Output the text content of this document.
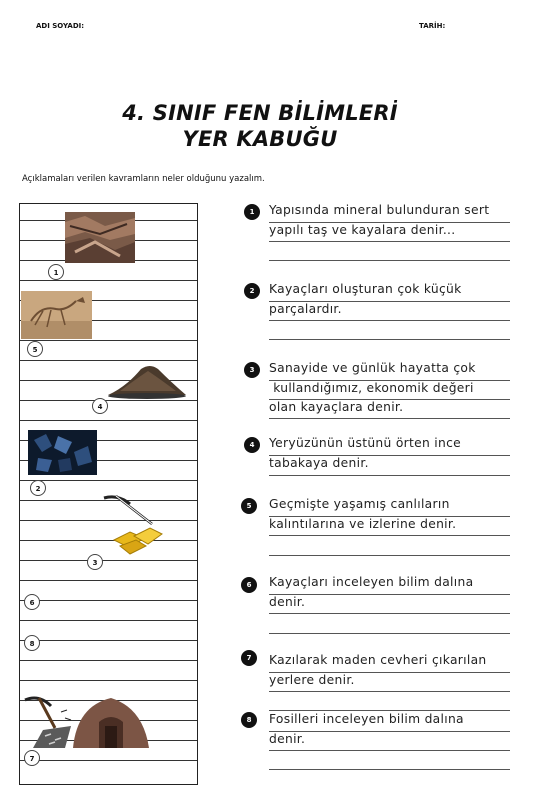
ADI SOYADI:	TARİH:
4. SINIF FEN BİLİMLERİ
YER KABUĞU
Açıklamaları verilen kavramların neler olduğunu yazalım.
1
5
4
2
3
6
8
7
1	Yapısında mineral bulunduran sert
yapılı taş ve kayalara denir...
2	Kayaçları oluşturan çok küçük
parçalardır.
3	Sanayide ve günlük hayatta çok
kullandığımız, ekonomik değeri
olan kayaçlara denir.
4	Yeryüzünün üstünü örten ince
tabakaya denir.
5	Geçmişte yaşamış canlıların
kalıntılarına ve izlerine denir.
6	Kayaçları inceleyen bilim dalına
denir.
7	Kazılarak maden cevheri çıkarılan
yerlere denir.
8	Fosilleri inceleyen bilim dalına
denir.
